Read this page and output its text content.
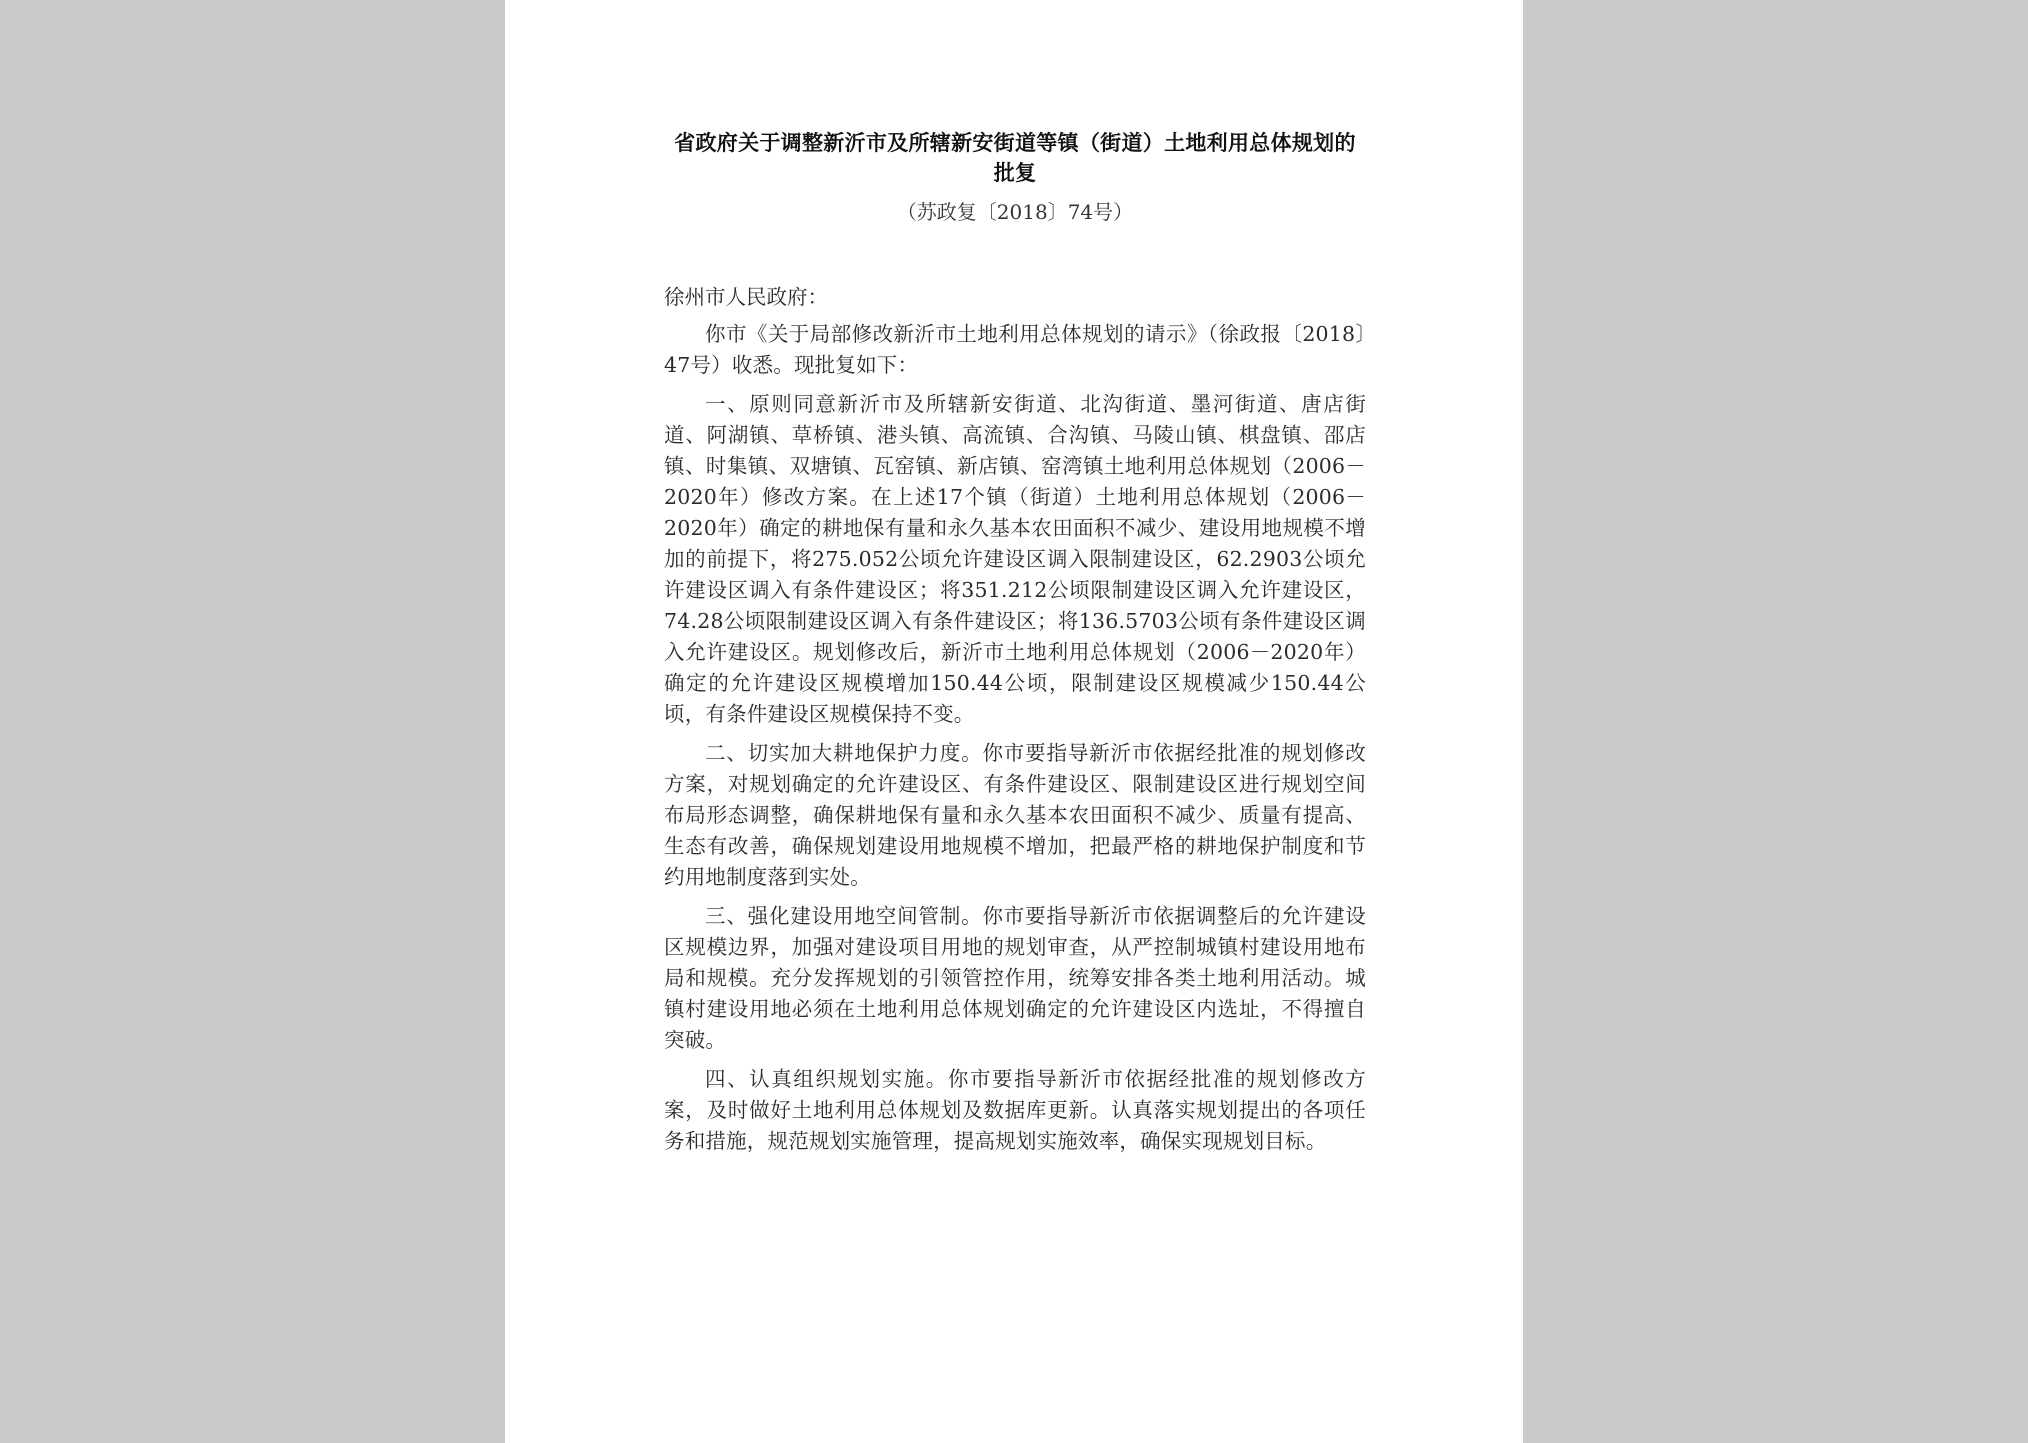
省政府关于调整新沂市及所辖新安街道等镇（街道）土地利用总体规划的批复

（苏政复〔2018〕74号）

徐州市人民政府：

你市《关于局部修改新沂市土地利用总体规划的请示》（徐政报〔2018〕47号）收悉。现批复如下：

一、原则同意新沂市及所辖新安街道、北沟街道、墨河街道、唐店街道、阿湖镇、草桥镇、港头镇、高流镇、合沟镇、马陵山镇、棋盘镇、邵店镇、时集镇、双塘镇、瓦窑镇、新店镇、窑湾镇土地利用总体规划（2006－2020年）修改方案。在上述17个镇（街道）土地利用总体规划（2006－2020年）确定的耕地保有量和永久基本农田面积不减少、建设用地规模不增加的前提下，将275.052公顷允许建设区调入限制建设区，62.2903公顷允许建设区调入有条件建设区；将351.212公顷限制建设区调入允许建设区，74.28公顷限制建设区调入有条件建设区；将136.5703公顷有条件建设区调入允许建设区。规划修改后，新沂市土地利用总体规划（2006－2020年）确定的允许建设区规模增加150.44公顷，限制建设区规模减少150.44公顷，有条件建设区规模保持不变。

二、切实加大耕地保护力度。你市要指导新沂市依据经批准的规划修改方案，对规划确定的允许建设区、有条件建设区、限制建设区进行规划空间布局形态调整，确保耕地保有量和永久基本农田面积不减少、质量有提高、生态有改善，确保规划建设用地规模不增加，把最严格的耕地保护制度和节约用地制度落到实处。

三、强化建设用地空间管制。你市要指导新沂市依据调整后的允许建设区规模边界，加强对建设项目用地的规划审查，从严控制城镇村建设用地布局和规模。充分发挥规划的引领管控作用，统筹安排各类土地利用活动。城镇村建设用地必须在土地利用总体规划确定的允许建设区内选址，不得擅自突破。

四、认真组织规划实施。你市要指导新沂市依据经批准的规划修改方案，及时做好土地利用总体规划及数据库更新。认真落实规划提出的各项任务和措施，规范规划实施管理，提高规划实施效率，确保实现规划目标。
